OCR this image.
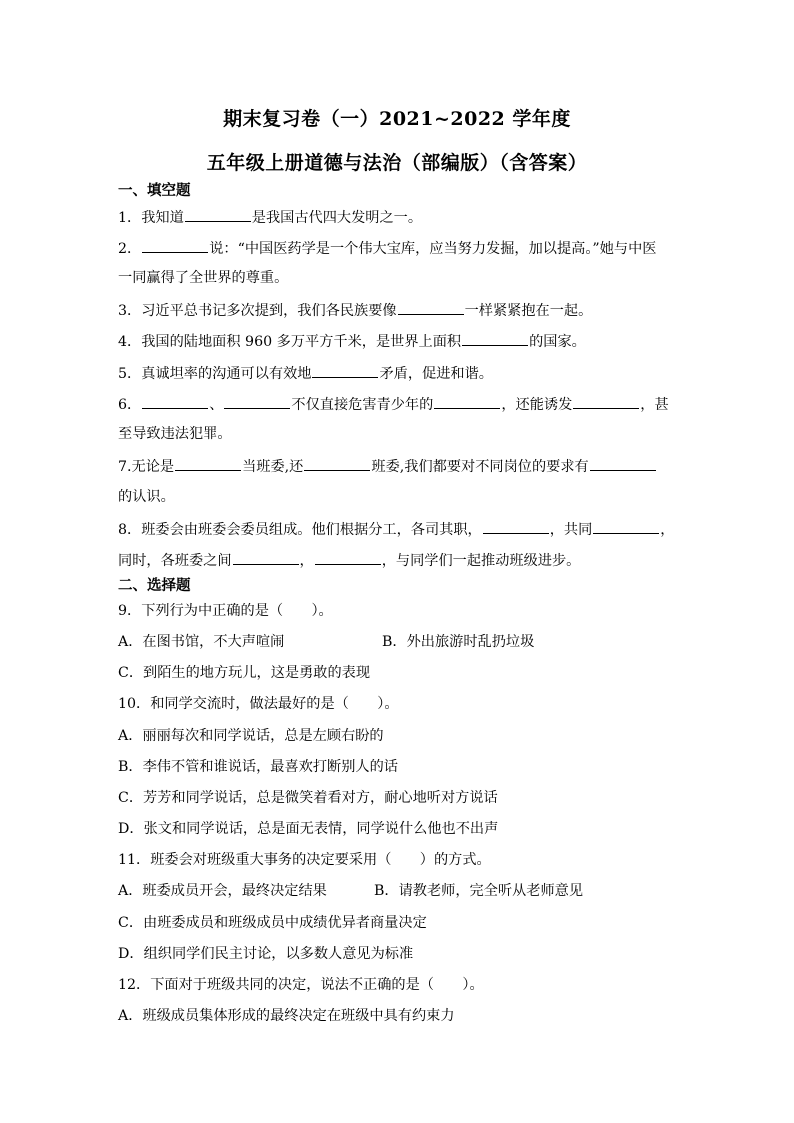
期末复习卷（一）2021~2022 学年度
五年级上册道德与法治（部编版）（含答案）
一、填空题
1．我知道	是我国古代四大发明之一。
2．	说：“中国医药学是一个伟大宝库，应当努力发掘，加以提高。”她与中医
一同赢得了全世界的尊重。
3．习近平总书记多次提到，我们各民族要像	一样紧紧抱在一起。
4．我国的陆地面积 960 多万平方千米，是世界上面积	的国家。
5．真诚坦率的沟通可以有效地	矛盾，促进和谐。
6．	、	不仅直接危害青少年的	，还能诱发	，甚
至导致违法犯罪。
7.无论是	当班委,还	班委,我们都要对不同岗位的要求有
的认识。
8．班委会由班委会委员组成。他们根据分工，各司其职，	，共同	，
同时，各班委之间	，	，与同学们一起推动班级进步。
二、选择题
9．下列行为中正确的是（　　）。
A．在图书馆，不大声喧闹	B．外出旅游时乱扔垃圾
C．到陌生的地方玩儿，这是勇敢的表现
10．和同学交流时，做法最好的是（　　）。
A．丽丽每次和同学说话，总是左顾右盼的
B．李伟不管和谁说话，最喜欢打断别人的话
C．芳芳和同学说话，总是微笑着看对方，耐心地听对方说话
D．张文和同学说话，总是面无表情，同学说什么他也不出声
11．班委会对班级重大事务的决定要采用（　　）的方式。
A．班委成员开会，最终决定结果	B．请教老师，完全听从老师意见
C．由班委成员和班级成员中成绩优异者商量决定
D．组织同学们民主讨论，以多数人意见为标准
12．下面对于班级共同的决定，说法不正确的是（　　）。
A．班级成员集体形成的最终决定在班级中具有约束力
